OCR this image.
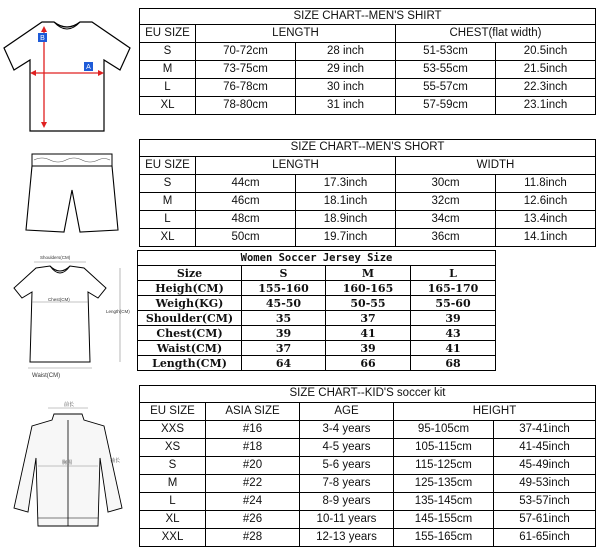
B
A
SIZE CHART--MEN'S SHIRT				
EU SIZE	LENGTH		CHEST(flat width)	
S	70-72cm	28 inch	51-53cm	20.5inch
M	73-75cm	29 inch	53-55cm	21.5inch
L	76-78cm	30 inch	55-57cm	22.3inch
XL	78-80cm	31 inch	57-59cm	23.1inch
SIZE CHART--MEN'S SHORT				
EU SIZE	LENGTH		WIDTH	
S	44cm	17.3inch	30cm	11.8inch
M	46cm	18.1inch	32cm	12.6inch
L	48cm	18.9inch	34cm	13.4inch
XL	50cm	19.7inch	36cm	14.1inch
Shoulders(CM)
Chest(CM)
Length(CM)
Waist(CM)
Women Soccer Jersey Size			
Size	S	M	L
Heigh(CM)	155-160	160-165	165-170
Weigh(KG)	45-50	50-55	55-60
Shoulder(CM)	35	37	39
Chest(CM)	39	41	43
Waist(CM)	37	39	41
Length(CM)	64	66	68
前长
胸围	袖长
SIZE CHART--KID'S soccer kit				
EU SIZE	ASIA SIZE	AGE	HEIGHT	
XXS	#16	3-4 years	95-105cm	37-41inch
XS	#18	4-5 years	105-115cm	41-45inch
S	#20	5-6 years	115-125cm	45-49inch
M	#22	7-8 years	125-135cm	49-53inch
L	#24	8-9 years	135-145cm	53-57inch
XL	#26	10-11 years	145-155cm	57-61inch
XXL	#28	12-13 years	155-165cm	61-65inch
